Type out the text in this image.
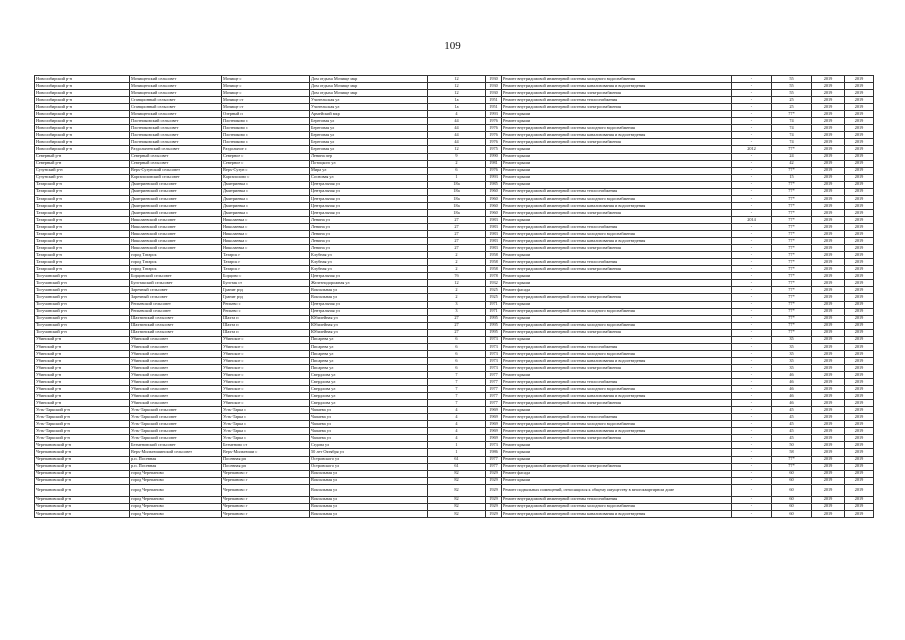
109
Новосибирский р-н	Мочищенский сельсовет	Мочище с	Дом отдыха Мочище мкр	12	1930	Ремонт внутридомовой инженерной системы холодного водоснабжения	-	55	2019	2019
Новосибирский р-н	Мочищенский сельсовет	Мочище с	Дом отдыха Мочище мкр	12	1930	Ремонт внутридомовой инженерной системы канализования и водоотведения	-	55	2019	2019
Новосибирский р-н	Мочищенский сельсовет	Мочище с	Дом отдыха Мочище мкр	12	1930	Ремонт внутридомовой инженерной системы электроснабжения	-	55	2019	2019
Новосибирский р-н	Станционный сельсовет	Мочище ст	Учительская ул	1а	1951	Ремонт внутридомовой инженерной системы теплоснабжения	-	25	2019	2019
Новосибирский р-н	Станционный сельсовет	Мочище ст	Учительская ул	1а	1951	Ремонт внутридомовой инженерной системы электроснабжения	-	25	2019	2019
Новосибирский р-н	Мочищенский сельсовет	Озерный п	Армейский мкр	4	1993	Ремонт крыши	-	77*	2019	2019
Новосибирский р-н	Плотниковский сельсовет	Плотниково с	Береговая ул	44	1976	Ремонт крыши	-	74	2019	2019
Новосибирский р-н	Плотниковский сельсовет	Плотниково с	Береговая ул	44	1976	Ремонт внутридомовой инженерной системы холодного водоснабжения	-	74	2019	2019
Новосибирский р-н	Плотниковский сельсовет	Плотниково с	Береговая ул	44	1976	Ремонт внутридомовой инженерной системы канализования и водоотведения	-	74	2019	2019
Новосибирский р-н	Плотниковский сельсовет	Плотниково с	Береговая ул	44	1976	Ремонт внутридомовой инженерной системы электроснабжения	-	74	2019	2019
Новосибирский р-н	Раздольненский сельсовет	Раздольное с	Береговая ул	12	1975	Ремонт крыши	2012	77*	2019	2019
Северный р-н	Северный сельсовет	Северное с	Ленина пер	9	1990	Ремонт крыши	-	24	2019	2019
Северный р-н	Северный сельсовет	Северное с	Потоцкого ул	2	1981	Ремонт крыши	-	42	2019	2019
Сузунский р-н	Верх-Сузунский сельсовет	Верх-Сузун с	Мира ул	6	1976	Ремонт крыши	-	77*	2019	2019
Сузунский р-н	Каргаполовский сельсовет	Каргаполово с	Сосновая ул	1	1993	Ремонт крыши	-	15	2019	2019
Татарский р-н	Дмитриевский сельсовет	Дмитриевка с	Центральная ул	18а	1985	Ремонт крыши	-	77*	2019	2019
Татарский р-н	Дмитриевский сельсовет	Дмитриевка с	Центральная ул	18а	1960	Ремонт внутридомовой инженерной системы теплоснабжения	-	77*	2019	2019
Татарский р-н	Дмитриевский сельсовет	Дмитриевка с	Центральная ул	18а	1960	Ремонт внутридомовой инженерной системы холодного водоснабжения	-	77*	2019	2019
Татарский р-н	Дмитриевский сельсовет	Дмитриевка с	Центральная ул	18а	1960	Ремонт внутридомовой инженерной системы канализования и водоотведения	-	77*	2019	2019
Татарский р-н	Дмитриевский сельсовет	Дмитриевка с	Центральная ул	18а	1960	Ремонт внутридомовой инженерной системы электроснабжения	-	77*	2019	2019
Татарский р-н	Николаевский сельсовет	Николаевка с	Ленина ул	27	1983	Ремонт крыши	2014	77*	2019	2019
Татарский р-н	Николаевский сельсовет	Николаевка с	Ленина ул	27	1983	Ремонт внутридомовой инженерной системы теплоснабжения	-	77*	2019	2019
Татарский р-н	Николаевский сельсовет	Николаевка с	Ленина ул	27	1983	Ремонт внутридомовой инженерной системы холодного водоснабжения	-	77*	2019	2019
Татарский р-н	Николаевский сельсовет	Николаевка с	Ленина ул	27	1983	Ремонт внутридомовой инженерной системы канализования и водоотведения	-	77*	2019	2019
Татарский р-н	Николаевский сельсовет	Николаевка с	Ленина ул	27	1983	Ремонт внутридомовой инженерной системы электроснабжения	-	77*	2019	2019
Татарский р-н	город Татарск	Татарск г	Клубная ул	2	1958	Ремонт крыши	-	77*	2019	2019
Татарский р-н	город Татарск	Татарск г	Клубная ул	2	1958	Ремонт внутридомовой инженерной системы теплоснабжения	-	77*	2019	2019
Татарский р-н	город Татарск	Татарск г	Клубная ул	2	1958	Ремонт внутридомовой инженерной системы электроснабжения	-	77*	2019	2019
Тогучинский р-н	Борцовский сельсовет	Борцово с	Центральная ул	7б	1978	Ремонт крыши	-	77*	2019	2019
Тогучинский р-н	Буготакский сельсовет	Буготак ст	Железнодорожная ул	12	1932	Ремонт крыши	-	77*	2019	2019
Тогучинский р-н	Заречный сельсовет	Гранит рзд	Вокзальная ул	2	1925	Ремонт фасада	-	77*	2019	2019
Тогучинский р-н	Заречный сельсовет	Гранит рзд	Вокзальная ул	2	1925	Ремонт внутридомовой инженерной системы электроснабжения	-	77*	2019	2019
Тогучинский р-н	Репьевский сельсовет	Репьево с	Центральная ул	3	1971	Ремонт крыши	-	77*	2019	2019
Тогучинский р-н	Репьевский сельсовет	Репьево с	Центральная ул	3	1971	Ремонт внутридомовой инженерной системы холодного водоснабжения	-	77*	2019	2019
Тогучинский р-н	Шахтинский сельсовет	Шахта п	Юбилейная ул	27	1995	Ремонт крыши	-	77*	2019	2019
Тогучинский р-н	Шахтинский сельсовет	Шахта п	Юбилейная ул	27	1995	Ремонт внутридомовой инженерной системы холодного водоснабжения	-	77*	2019	2019
Тогучинский р-н	Шахтинский сельсовет	Шахта п	Юбилейная ул	27	1995	Ремонт внутридомовой инженерной системы электроснабжения	-	77*	2019	2019
Убинский р-н	Убинский сельсовет	Убинское с	Писарева ул	6	1973	Ремонт крыши	-	35	2019	2019
Убинский р-н	Убинский сельсовет	Убинское с	Писарева ул	6	1973	Ремонт внутридомовой инженерной системы теплоснабжения	-	35	2019	2019
Убинский р-н	Убинский сельсовет	Убинское с	Писарева ул	6	1973	Ремонт внутридомовой инженерной системы холодного водоснабжения	-	35	2019	2019
Убинский р-н	Убинский сельсовет	Убинское с	Писарева ул	6	1973	Ремонт внутридомовой инженерной системы канализования и водоотведения	-	35	2019	2019
Убинский р-н	Убинский сельсовет	Убинское с	Писарева ул	6	1973	Ремонт внутридомовой инженерной системы электроснабжения	-	35	2019	2019
Убинский р-н	Убинский сельсовет	Убинское с	Свердлова ул	7	1977	Ремонт крыши	-	46	2019	2019
Убинский р-н	Убинский сельсовет	Убинское с	Свердлова ул	7	1977	Ремонт внутридомовой инженерной системы теплоснабжения	-	46	2019	2019
Убинский р-н	Убинский сельсовет	Убинское с	Свердлова ул	7	1977	Ремонт внутридомовой инженерной системы холодного водоснабжения	-	46	2019	2019
Убинский р-н	Убинский сельсовет	Убинское с	Свердлова ул	7	1977	Ремонт внутридомовой инженерной системы канализования и водоотведения	-	46	2019	2019
Убинский р-н	Убинский сельсовет	Убинское с	Свердлова ул	7	1977	Ремонт внутридомовой инженерной системы электроснабжения	-	46	2019	2019
Усть-Таркский р-н	Усть-Таркский сельсовет	Усть-Тарка с	Чапаева ул	4	1969	Ремонт крыши	-	45	2019	2019
Усть-Таркский р-н	Усть-Таркский сельсовет	Усть-Тарка с	Чапаева ул	4	1969	Ремонт внутридомовой инженерной системы теплоснабжения	-	45	2019	2019
Усть-Таркский р-н	Усть-Таркский сельсовет	Усть-Тарка с	Чапаева ул	4	1969	Ремонт внутридомовой инженерной системы холодного водоснабжения	-	45	2019	2019
Усть-Таркский р-н	Усть-Таркский сельсовет	Усть-Тарка с	Чапаева ул	4	1969	Ремонт внутридомовой инженерной системы канализования и водоотведения	-	45	2019	2019
Усть-Таркский р-н	Усть-Таркский сельсовет	Усть-Тарка с	Чапаева ул	4	1969	Ремонт внутридомовой инженерной системы электроснабжения	-	45	2019	2019
Черепановский р-н	Безменовский сельсовет	Безменово ст	Седова ул	1	1973	Ремонт крыши	-	50	2019	2019
Черепановский р-н	Верх-Мильтюшинский сельсовет	Верх-Мильтюши с	50 лет Октября ул	1	1986	Ремонт крыши	-	58	2019	2019
Черепановский р-н	р.п. Посевная	Посевная рп	Островского ул	61	1977	Ремонт крыши	-	77*	2019	2019
Черепановский р-н	р.п. Посевная	Посевная рп	Островского ул	61	1977	Ремонт внутридомовой инженерной системы электроснабжения	-	77*	2019	2019
Черепановский р-н	город Черепаново	Черепаново г	Вокзальная ул	82	1929	Ремонт фасада	-	60	2019	2019
Черепановский р-н	город Черепаново	Черепаново г	Вокзальная ул	82	1929	Ремонт крыши	-	60	2019	2019
Черепановский р-н	город Черепаново	Черепаново г	Вокзальная ул	82	1929	Ремонт подвальных помещений, относящихся к общему имуществу в многоквартирном доме	-	60	2019	2019
Черепановский р-н	город Черепаново	Черепаново г	Вокзальная ул	82	1929	Ремонт внутридомовой инженерной системы теплоснабжения	-	60	2019	2019
Черепановский р-н	город Черепаново	Черепаново г	Вокзальная ул	82	1929	Ремонт внутридомовой инженерной системы холодного водоснабжения	-	60	2019	2019
Черепановский р-н	город Черепаново	Черепаново г	Вокзальная ул	82	1929	Ремонт внутридомовой инженерной системы канализования и водоотведения	-	60	2019	2019
